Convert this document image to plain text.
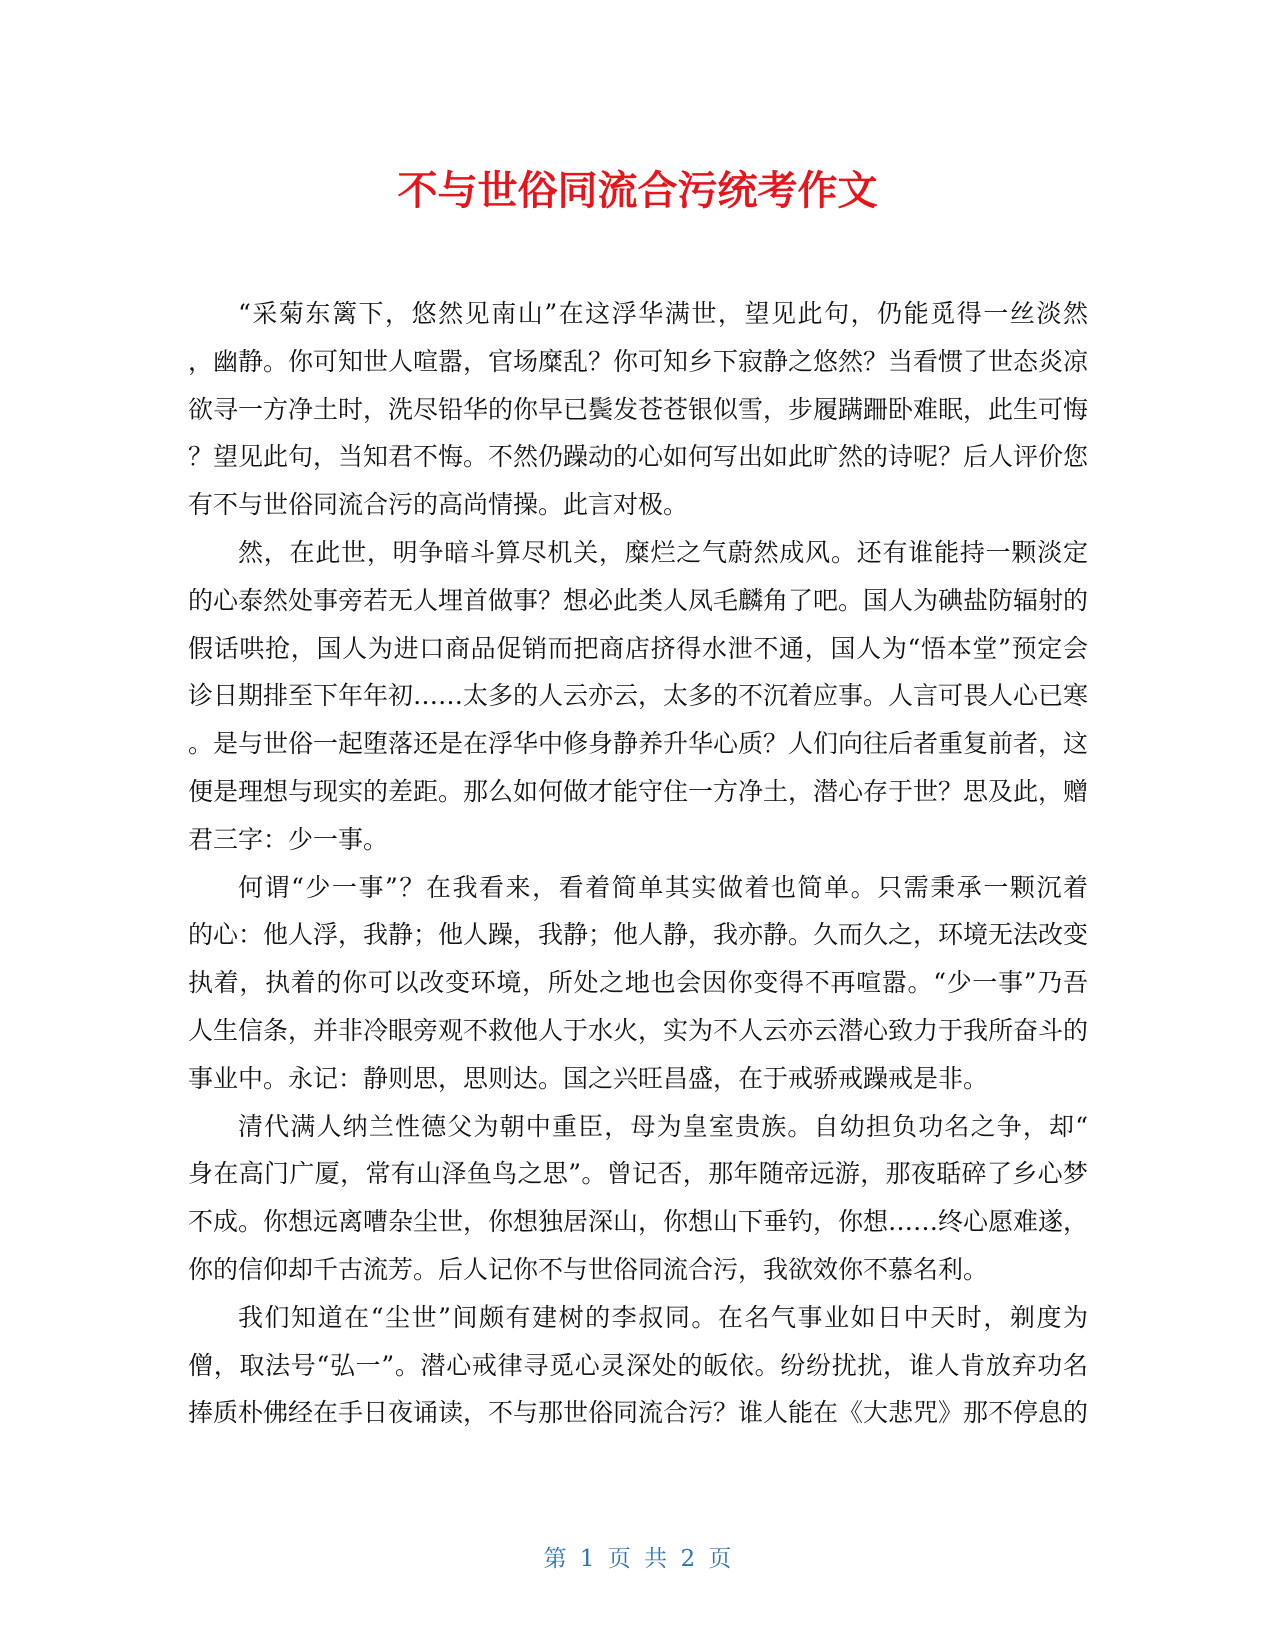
不与世俗同流合污统考作文
“采菊东篱下，悠然见南山”在这浮华满世，望见此句，仍能觅得一丝淡然
，幽静。你可知世人喧嚣，官场糜乱？你可知乡下寂静之悠然？当看惯了世态炎凉
欲寻一方净土时，洗尽铅华的你早已鬓发苍苍银似雪，步履蹒跚卧难眠，此生可悔
？望见此句，当知君不悔。不然仍躁动的心如何写出如此旷然的诗呢？后人评价您
有不与世俗同流合污的高尚情操。此言对极。
然，在此世，明争暗斗算尽机关，糜烂之气蔚然成风。还有谁能持一颗淡定
的心泰然处事旁若无人埋首做事？想必此类人凤毛麟角了吧。国人为碘盐防辐射的
假话哄抢，国人为进口商品促销而把商店挤得水泄不通，国人为“悟本堂”预定会
诊日期排至下年年初……太多的人云亦云，太多的不沉着应事。人言可畏人心已寒
。是与世俗一起堕落还是在浮华中修身静养升华心质？人们向往后者重复前者，这
便是理想与现实的差距。那么如何做才能守住一方净土，潜心存于世？思及此，赠
君三字：少一事。
何谓“少一事”？在我看来，看着简单其实做着也简单。只需秉承一颗沉着
的心：他人浮，我静；他人躁，我静；他人静，我亦静。久而久之，环境无法改变
执着，执着的你可以改变环境，所处之地也会因你变得不再喧嚣。“少一事”乃吾
人生信条，并非冷眼旁观不救他人于水火，实为不人云亦云潜心致力于我所奋斗的
事业中。永记：静则思，思则达。国之兴旺昌盛，在于戒骄戒躁戒是非。
清代满人纳兰性德父为朝中重臣，母为皇室贵族。自幼担负功名之争，却“
身在高门广厦，常有山泽鱼鸟之思”。曾记否，那年随帝远游，那夜聒碎了乡心梦
不成。你想远离嘈杂尘世，你想独居深山，你想山下垂钓，你想……终心愿难遂，
你的信仰却千古流芳。后人记你不与世俗同流合污，我欲效你不慕名利。
我们知道在“尘世”间颇有建树的李叔同。在名气事业如日中天时，剃度为
僧，取法号“弘一”。潜心戒律寻觅心灵深处的皈依。纷纷扰扰，谁人肯放弃功名
捧质朴佛经在手日夜诵读，不与那世俗同流合污？谁人能在《大悲咒》那不停息的
第 1 页 共 2 页
